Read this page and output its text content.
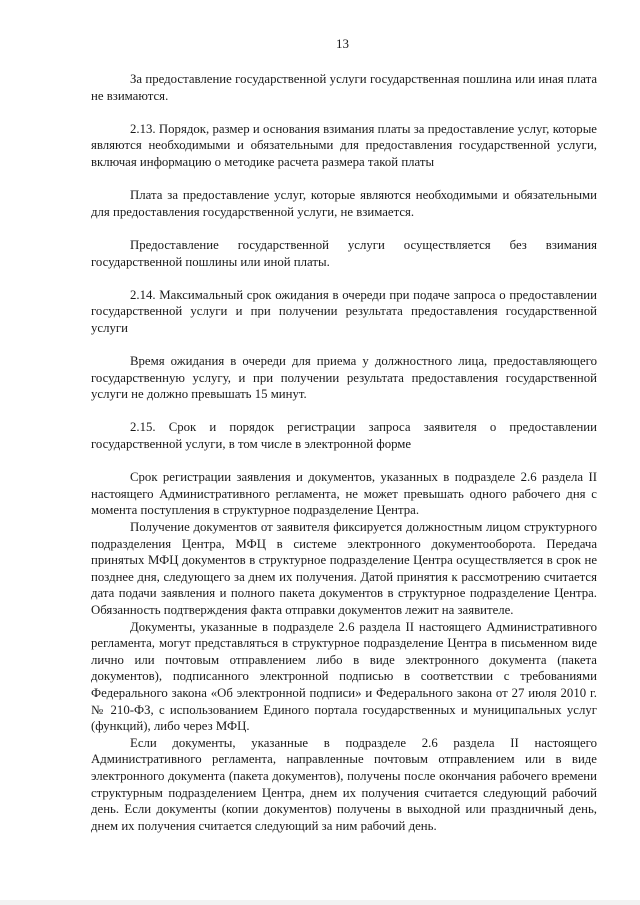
13

За предоставление государственной услуги государственная пошлина или иная плата не взимаются.

2.13. Порядок, размер и основания взимания платы за предоставление услуг, которые являются необходимыми и обязательными для предоставления государственной услуги, включая информацию о методике расчета размера такой платы

Плата за предоставление услуг, которые являются необходимыми и обязательными для предоставления государственной услуги, не взимается.

Предоставление государственной услуги осуществляется без взимания государственной пошлины или иной платы.

2.14. Максимальный срок ожидания в очереди при подаче запроса о предоставлении государственной услуги и при получении результата предоставления государственной услуги

Время ожидания в очереди для приема у должностного лица, предоставляющего государственную услугу, и при получении результата предоставления государственной услуги не должно превышать 15 минут.

2.15. Срок и порядок регистрации запроса заявителя о предоставлении государственной услуги, в том числе в электронной форме

Срок регистрации заявления и документов, указанных в подразделе 2.6 раздела II настоящего Административного регламента, не может превышать одного рабочего дня с момента поступления в структурное подразделение Центра.

Получение документов от заявителя фиксируется должностным лицом структурного подразделения Центра, МФЦ в системе электронного документооборота. Передача принятых МФЦ документов в структурное подразделение Центра осуществляется в срок не позднее дня, следующего за днем их получения. Датой принятия к рассмотрению считается дата подачи заявления и полного пакета документов в структурное подразделение Центра. Обязанность подтверждения факта отправки документов лежит на заявителе.

Документы, указанные в подразделе 2.6 раздела II настоящего Административного регламента, могут представляться в структурное подразделение Центра в письменном виде лично или почтовым отправлением либо в виде электронного документа (пакета документов), подписанного электронной подписью в соответствии с требованиями Федерального закона «Об электронной подписи» и Федерального закона от 27 июля 2010 г. № 210-ФЗ, с использованием Единого портала государственных и муниципальных услуг (функций), либо через МФЦ.

Если документы, указанные в подразделе 2.6 раздела II настоящего Административного регламента, направленные почтовым отправлением или в виде электронного документа (пакета документов), получены после окончания рабочего времени структурным подразделением Центра, днем их получения считается следующий рабочий день. Если документы (копии документов) получены в выходной или праздничный день, днем их получения считается следующий за ним рабочий день.
